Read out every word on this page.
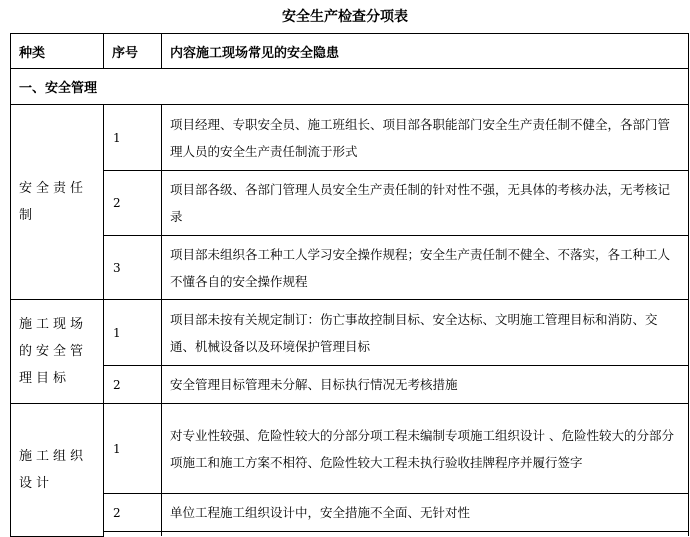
安全生产检查分项表
种类	序号	内容施工现场常见的安全隐患
一、安全管理		
安全责任制	1	项目经理、专职安全员、施工班组长、项目部各职能部门安全生产责任制不健全，各部门管理人员的安全生产责任制流于形式
	2	项目部各级、各部门管理人员安全生产责任制的针对性不强，无具体的考核办法，无考核记录
	3	项目部未组织各工种工人学习安全操作规程；安全生产责任制不健全、不落实，各工种工人不懂各自的安全操作规程
施工现场的安全管理目标	1	项目部未按有关规定制订：伤亡事故控制目标、安全达标、文明施工管理目标和消防、交通、机械设备以及环境保护管理目标
	2	安全管理目标管理未分解、目标执行情况无考核措施
施工组织设计	1	对专业性较强、危险性较大的分部分项工程未编制专项施工组织设计 、危险性较大的分部分项施工和施工方案不相符、危险性较大工程未执行验收挂牌程序并履行签字
	2	单位工程施工组织设计中，安全措施不全面、无针对性
